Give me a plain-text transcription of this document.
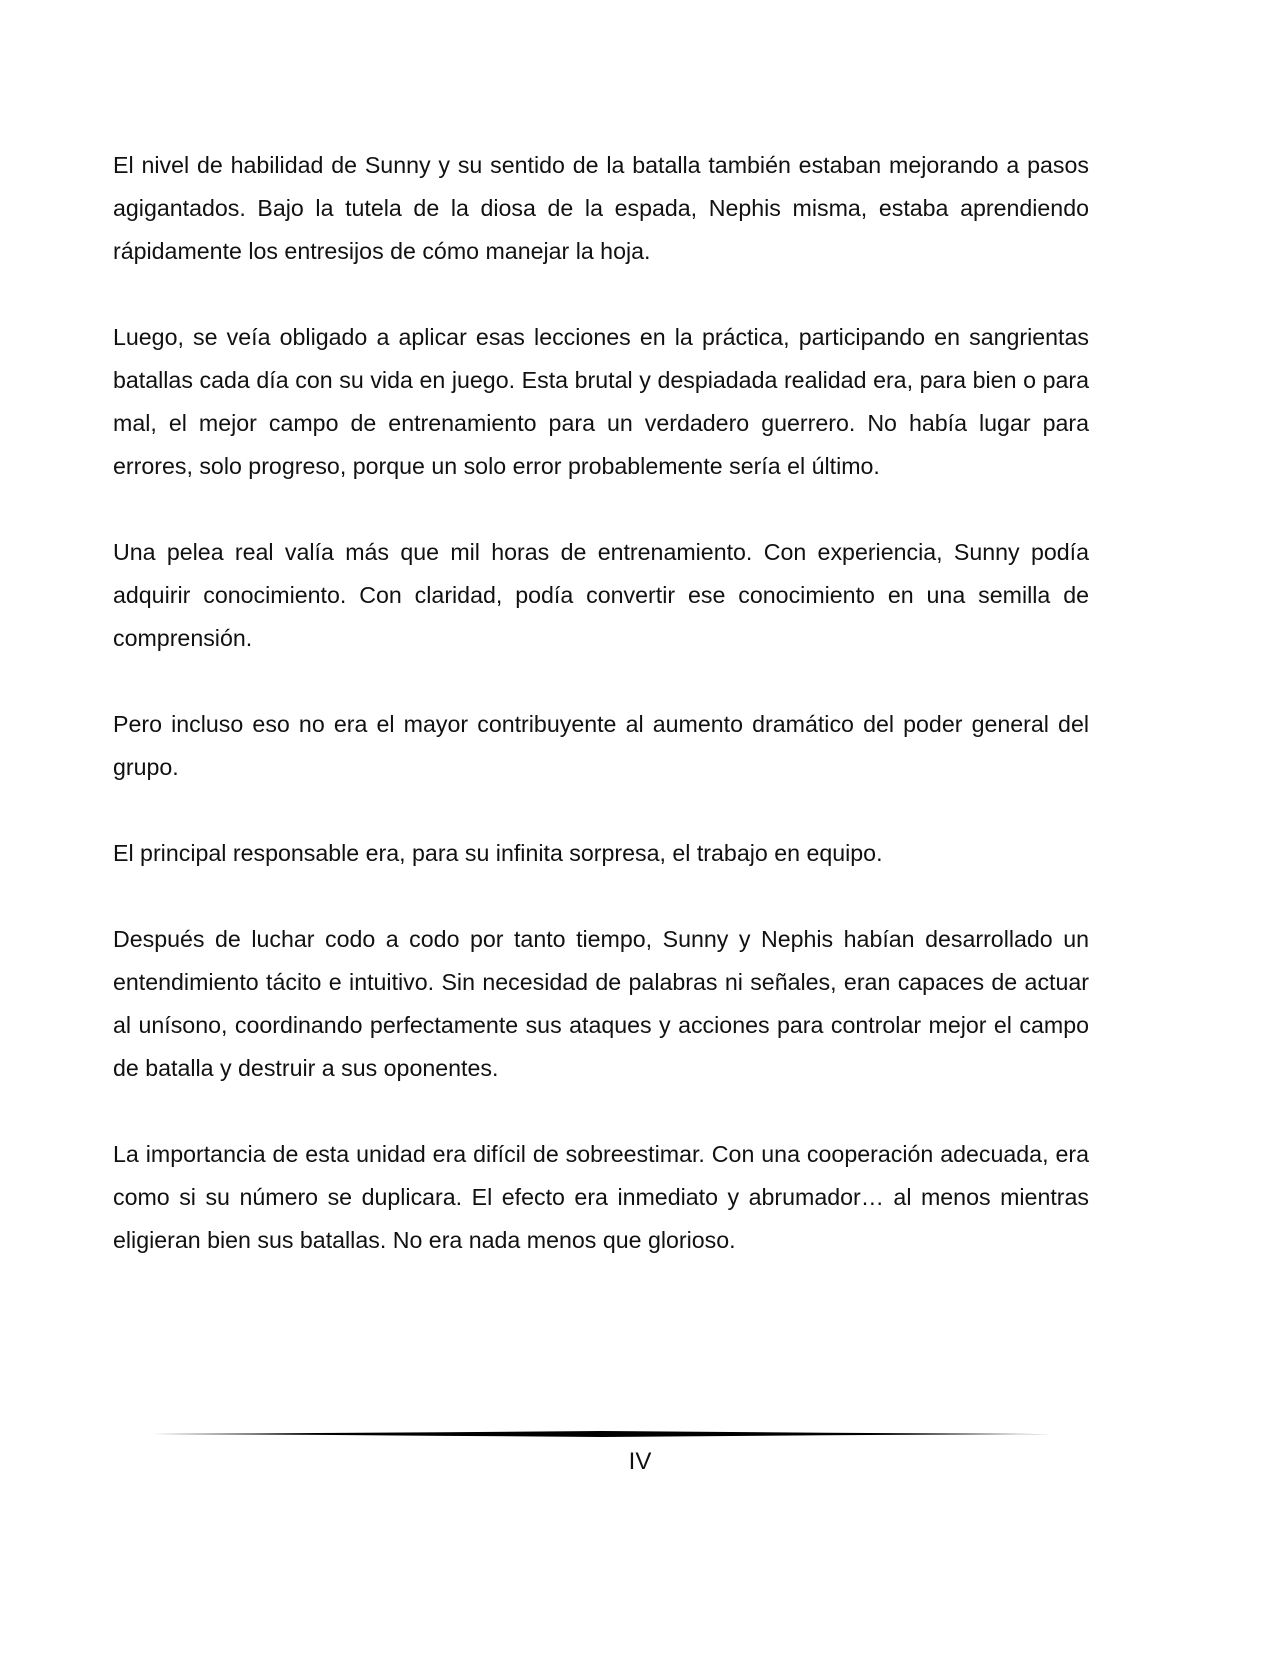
El nivel de habilidad de Sunny y su sentido de la batalla también estaban mejorando a pasos agigantados. Bajo la tutela de la diosa de la espada, Nephis misma, estaba aprendiendo rápidamente los entresijos de cómo manejar la hoja.

Luego, se veía obligado a aplicar esas lecciones en la práctica, participando en sangrientas batallas cada día con su vida en juego. Esta brutal y despiadada realidad era, para bien o para mal, el mejor campo de entrenamiento para un verdadero guerrero. No había lugar para errores, solo progreso, porque un solo error probablemente sería el último.

Una pelea real valía más que mil horas de entrenamiento. Con experiencia, Sunny podía adquirir conocimiento. Con claridad, podía convertir ese conocimiento en una semilla de comprensión.

Pero incluso eso no era el mayor contribuyente al aumento dramático del poder general del grupo.

El principal responsable era, para su infinita sorpresa, el trabajo en equipo.

Después de luchar codo a codo por tanto tiempo, Sunny y Nephis habían desarrollado un entendimiento tácito e intuitivo. Sin necesidad de palabras ni señales, eran capaces de actuar al unísono, coordinando perfectamente sus ataques y acciones para controlar mejor el campo de batalla y destruir a sus oponentes.

La importancia de esta unidad era difícil de sobreestimar. Con una cooperación adecuada, era como si su número se duplicara. El efecto era inmediato y abrumador… al menos mientras eligieran bien sus batallas. No era nada menos que glorioso.

IV
